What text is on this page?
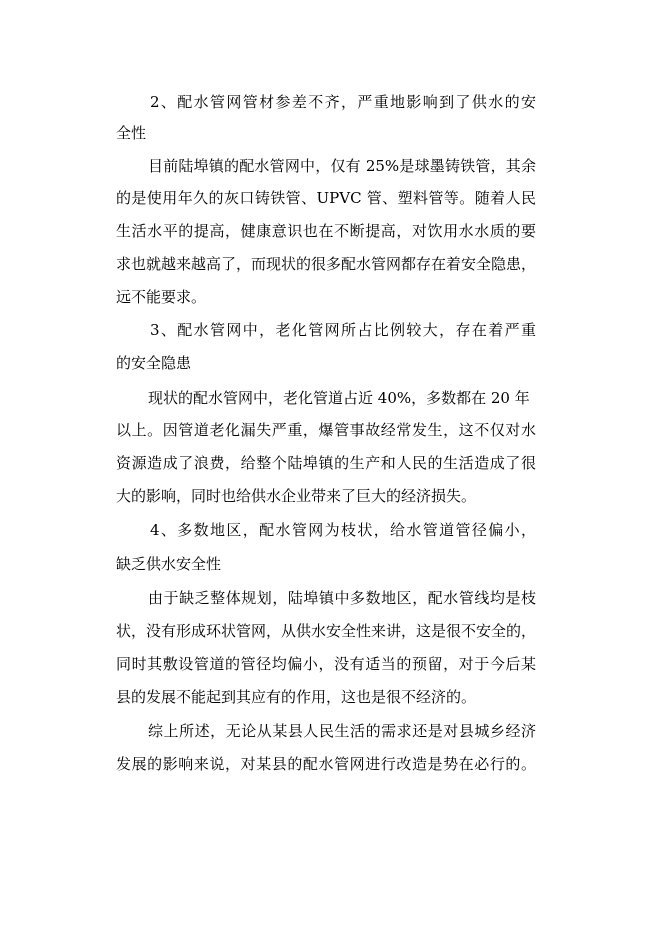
2、配水管网管材参差不齐，严重地影响到了供水的安
全性
目前陆埠镇的配水管网中，仅有 25%是球墨铸铁管，其余
的是使用年久的灰口铸铁管、UPVC 管、塑料管等。随着人民
生活水平的提高，健康意识也在不断提高，对饮用水水质的要
求也就越来越高了，而现状的很多配水管网都存在着安全隐患，
远不能要求。
3、配水管网中，老化管网所占比例较大，存在着严重
的安全隐患
现状的配水管网中，老化管道占近 40%，多数都在 20 年
以上。因管道老化漏失严重，爆管事故经常发生，这不仅对水
资源造成了浪费，给整个陆埠镇的生产和人民的生活造成了很
大的影响，同时也给供水企业带来了巨大的经济损失。
4、多数地区，配水管网为枝状，给水管道管径偏小，
缺乏供水安全性
由于缺乏整体规划，陆埠镇中多数地区，配水管线均是枝
状，没有形成环状管网，从供水安全性来讲，这是很不安全的，
同时其敷设管道的管径均偏小，没有适当的预留，对于今后某
县的发展不能起到其应有的作用，这也是很不经济的。
综上所述，无论从某县人民生活的需求还是对县城乡经济
发展的影响来说，对某县的配水管网进行改造是势在必行的。
